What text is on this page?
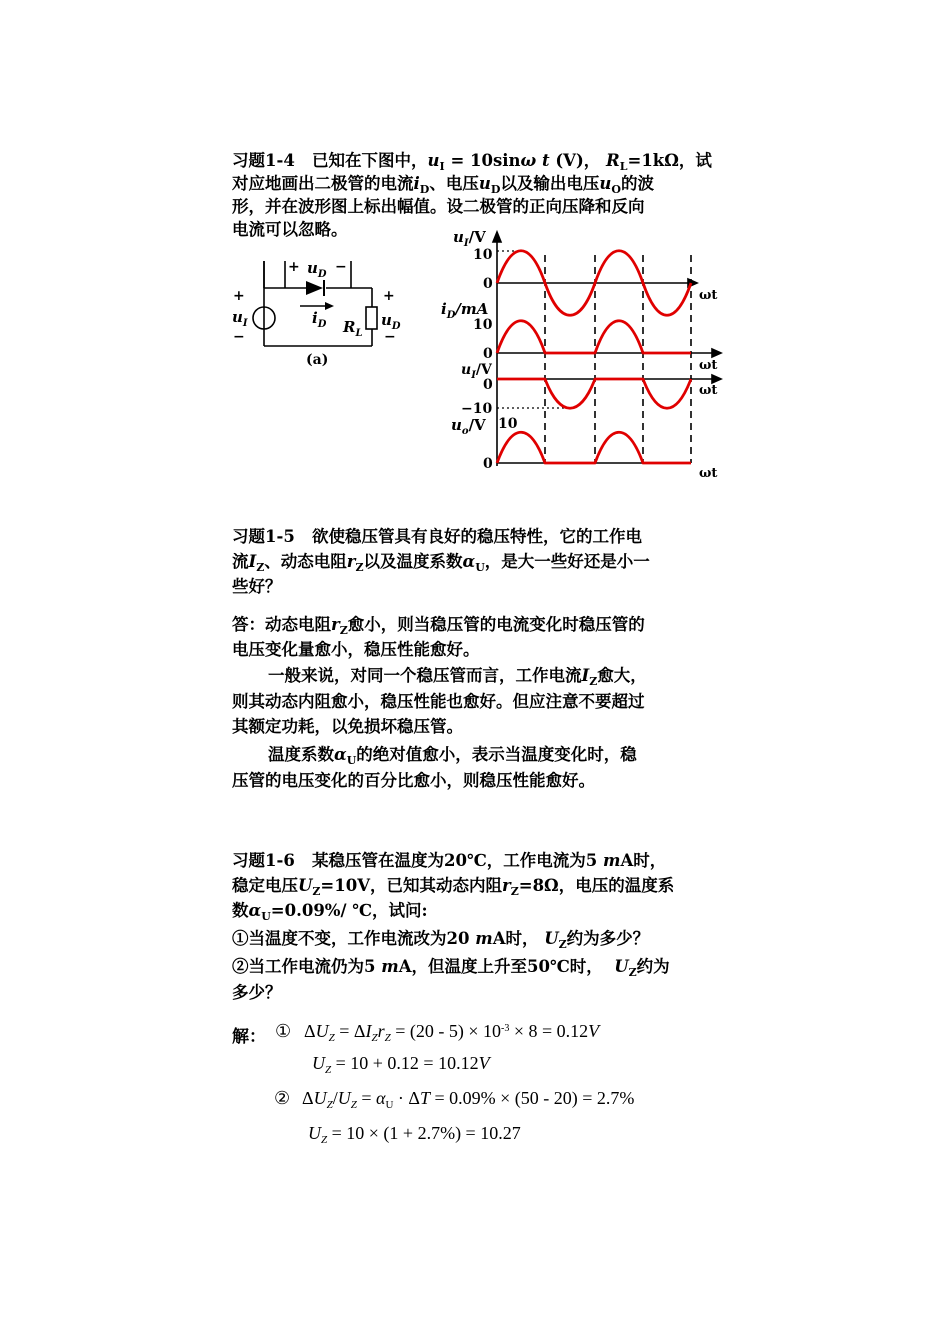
习题1-4 已知在下图中，$u_I = 10\sin\omega$ t (V)， $R_L=1k\Omega$，试
对应地画出二极管的电流$i_D$、电压$u_D$以及输出电压$u_O$的波
形，并在波形图上标出幅值。设二极管的正向压降和反向
电流可以忽略。
+ $u_D$ −
+
$u_I$
−
$i_D$ $R_L$
+
$u_D$
−
(a)
$u_I/V$
10
0
ωt
$i_D/mA$
10
0
ωt
$u_I/V$
0	ωt
−10
$u_o/V$ 10
0
ωt
习题1-5 欲使稳压管具有良好的稳压特性，它的工作电
流$I_Z$、动态电阻$r_Z$以及温度系数$\alpha_U$，是大一些好还是小一
些好？
答：动态电阻$r_Z$愈小，则当稳压管的电流变化时稳压管的
电压变化量愈小，稳压性能愈好。
一般来说，对同一个稳压管而言，工作电流$I_Z$愈大，
则其动态内阻愈小，稳压性能也愈好。但应注意不要超过
其额定功耗，以免损坏稳压管。
温度系数$\alpha_U$的绝对值愈小，表示当温度变化时，稳
压管的电压变化的百分比愈小，则稳压性能愈好。
习题1-6 某稳压管在温度为20℃，工作电流为5 mA时，
稳定电压$U_Z=10V$，已知其动态内阻$r_Z=8\Omega$，电压的温度系
数$\alpha_U=0.09\%/$ ℃，试问:
①当温度不变，工作电流改为20 mA时， $U_Z$约为多少？
②当工作电流仍为5 mA，但温度上升至50℃时， $U_Z$约为
多少？
解： ① $\Delta U_Z = \Delta I_Zr_Z = (20 - 5) \times 10^{-3} \times 8 = 0.12V$
$U_Z = 10 + 0.12 = 10.12V$
② $\Delta U_Z/U_Z = \alpha_U \cdot \Delta T = 0.09\% \times (50 - 20) = 2.7\%$
$U_Z = 10 \times (1 + 2.7\%) = 10.27$
